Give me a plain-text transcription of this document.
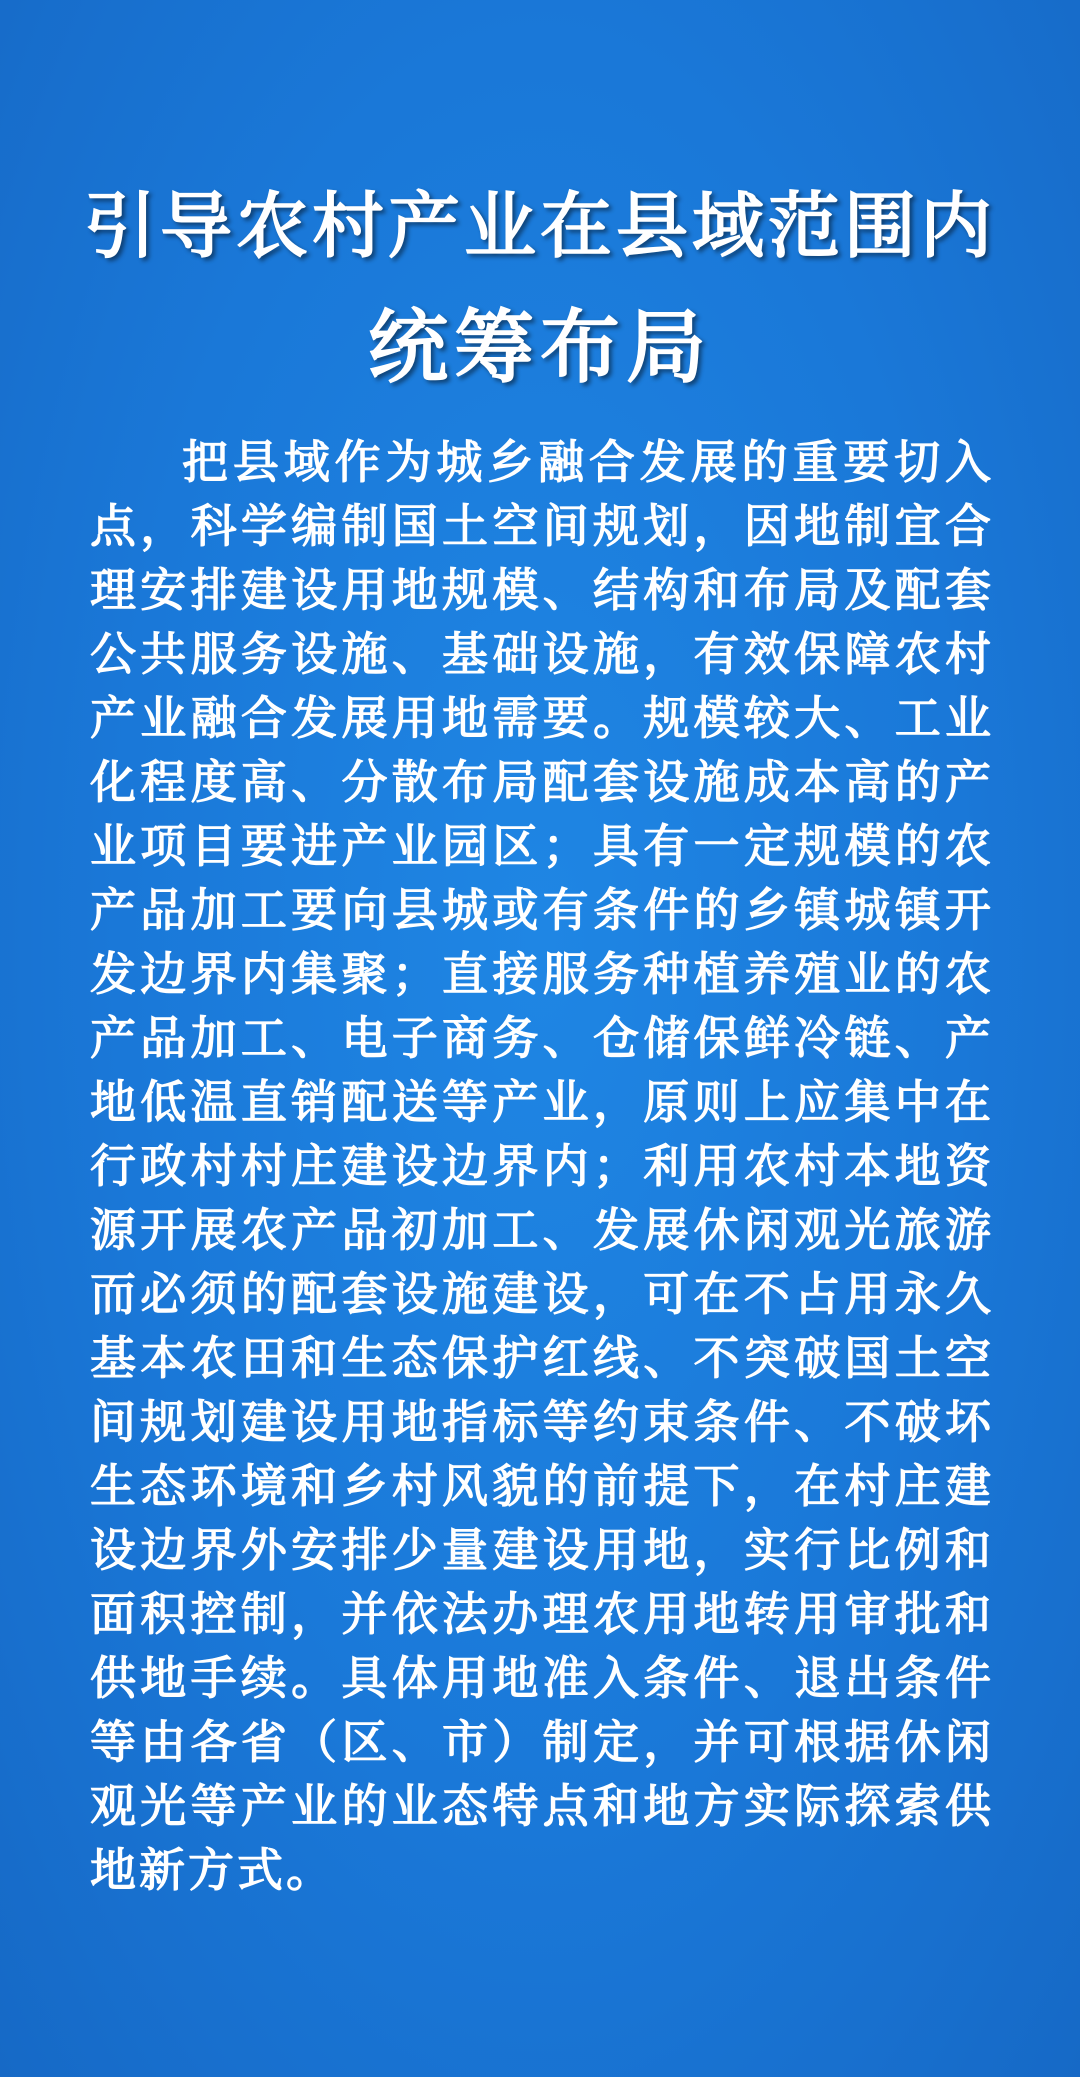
引导农村产业在县域范围内
统筹布局

把县域作为城乡融合发展的重要切入点，科学编制国土空间规划，因地制宜合理安排建设用地规模、结构和布局及配套公共服务设施、基础设施，有效保障农村产业融合发展用地需要。规模较大、工业化程度高、分散布局配套设施成本高的产业项目要进产业园区；具有一定规模的农产品加工要向县城或有条件的乡镇城镇开发边界内集聚；直接服务种植养殖业的农产品加工、电子商务、仓储保鲜冷链、产地低温直销配送等产业，原则上应集中在行政村村庄建设边界内；利用农村本地资源开展农产品初加工、发展休闲观光旅游而必须的配套设施建设，可在不占用永久基本农田和生态保护红线、不突破国土空间规划建设用地指标等约束条件、不破坏生态环境和乡村风貌的前提下，在村庄建设边界外安排少量建设用地，实行比例和面积控制，并依法办理农用地转用审批和供地手续。具体用地准入条件、退出条件等由各省（区、市）制定，并可根据休闲观光等产业的业态特点和地方实际探索供地新方式。
